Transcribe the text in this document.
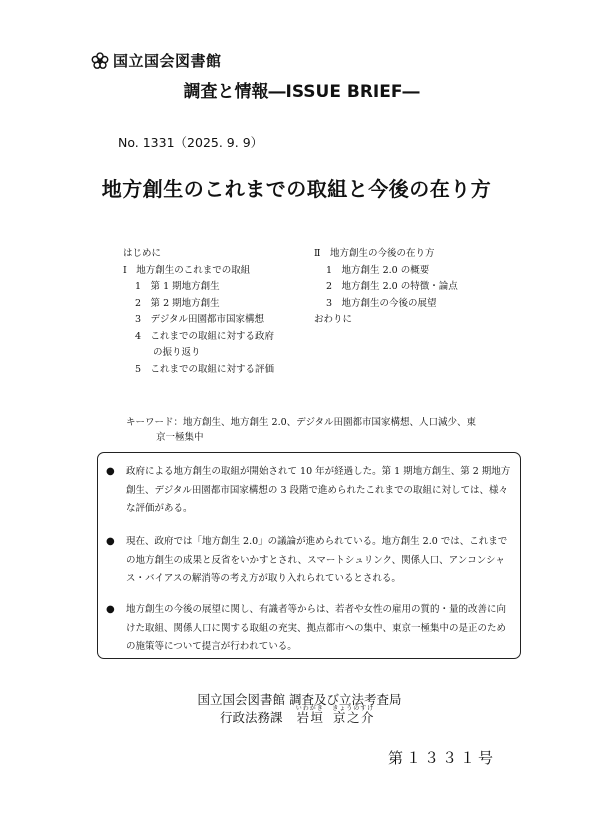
国立国会図書館
調査と情報―ISSUE BRIEF―
No. 1331（2025. 9. 9）
地方創生のこれまでの取組と今後の在り方
はじめに
Ⅰ　地方創生のこれまでの取組
1　第 1 期地方創生
2　第 2 期地方創生
3　デジタル田園都市国家構想
4　これまでの取組に対する政府
の振り返り
5　これまでの取組に対する評価
Ⅱ　地方創生の今後の在り方
1　地方創生 2.0 の概要
2　地方創生 2.0 の特徴・論点
3　地方創生の今後の展望
おわりに
キーワード：地方創生、地方創生 2.0、デジタル田園都市国家構想、人口減少、東
京一極集中
●	政府による地方創生の取組が開始されて 10 年が経過した。第 1 期地方創生、第 2 期地方創生、デジタル田園都市国家構想の 3 段階で進められたこれまでの取組に対しては、様々な評価がある。
●	現在、政府では「地方創生 2.0」の議論が進められている。地方創生 2.0 では、これまでの地方創生の成果と反省をいかすとされ、スマートシュリンク、関係人口、アンコンシャス・バイアスの解消等の考え方が取り入れられているとされる。
●	地方創生の今後の展望に関し、有識者等からは、若者や女性の雇用の質的・量的改善に向けた取組、関係人口に関する取組の充実、拠点都市への集中、東京一極集中の是正のための施策等について提言が行われている。
国立国会図書館 調査及び立法考査局
行政法務課 岩垣いわがき 京之介きょうのすけ
第１３３１号
